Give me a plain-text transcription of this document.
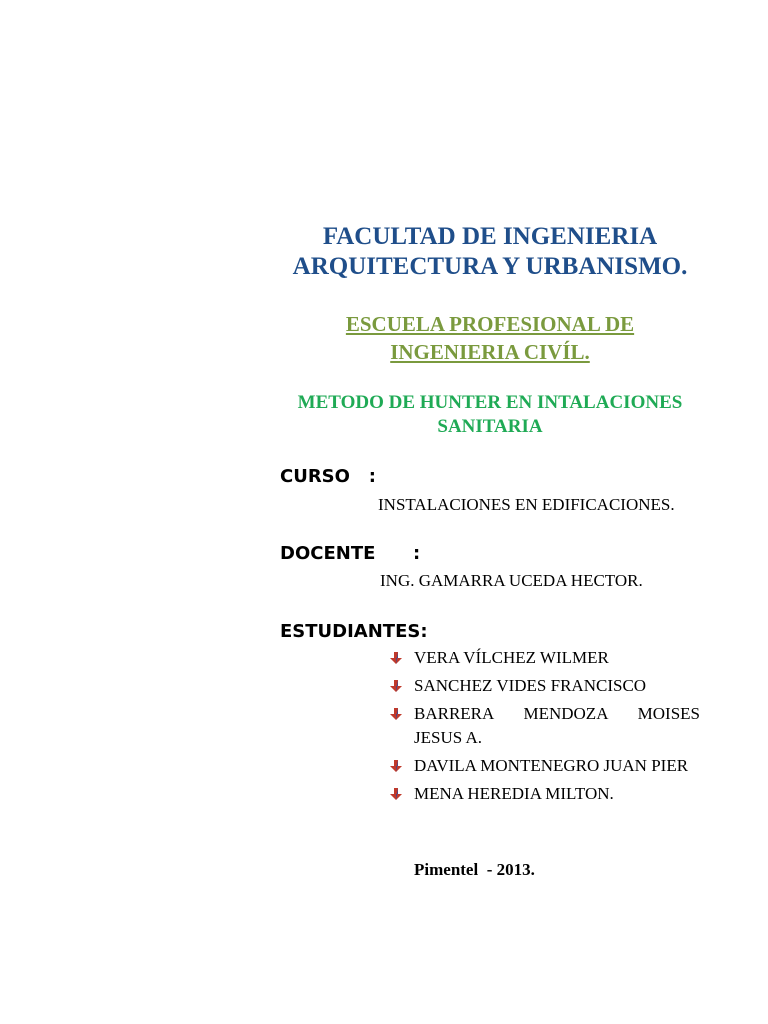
FACULTAD DE INGENIERIA
ARQUITECTURA Y URBANISMO.
ESCUELA PROFESIONAL DE
INGENIERIA CIVÍL.
METODO DE HUNTER EN INTALACIONES
SANITARIA
CURSO   :
INSTALACIONES EN EDIFICACIONES.
DOCENTE      :
ING. GAMARRA UCEDA HECTOR.
ESTUDIANTES:
VERA VÍLCHEZ WILMER
SANCHEZ VIDES FRANCISCO
BARRERA MENDOZA MOISES JESUS A.
DAVILA MONTENEGRO JUAN PIER
MENA HEREDIA MILTON.
Pimentel  - 2013.
